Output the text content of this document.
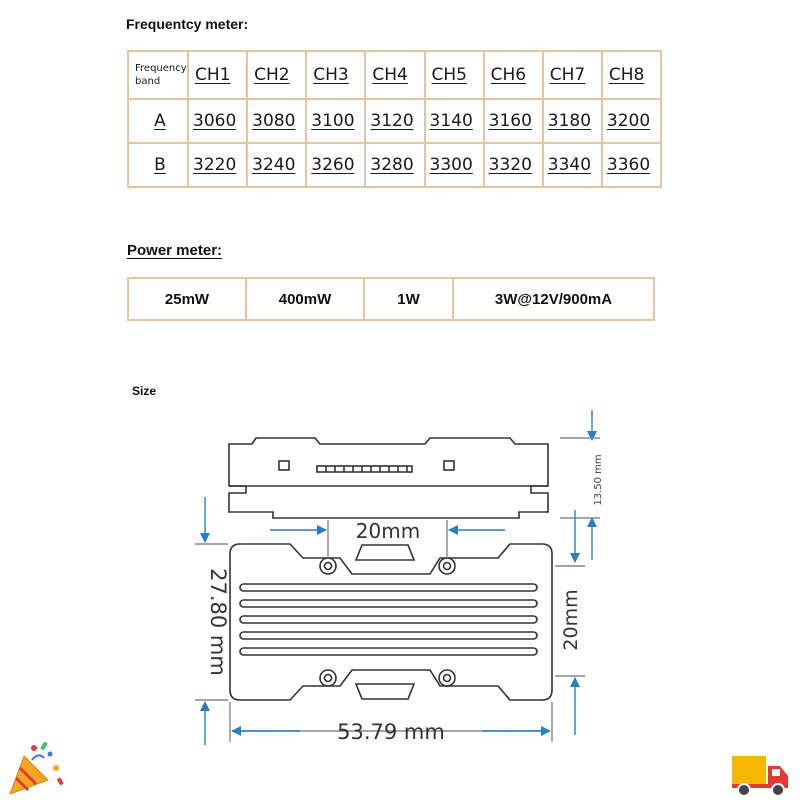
Frequentcy meter:
Frequency band	CH1	CH2	CH3	CH4	CH5	CH6	CH7	CH8
A	3060	3080	3100	3120	3140	3160	3180	3200
B	3220	3240	3260	3280	3300	3320	3340	3360
Power meter:
25mW	400mW	1W	3W@12V/900mA
Size
13.50 mm
20mm
27.80 mm	20mm
53.79 mm
